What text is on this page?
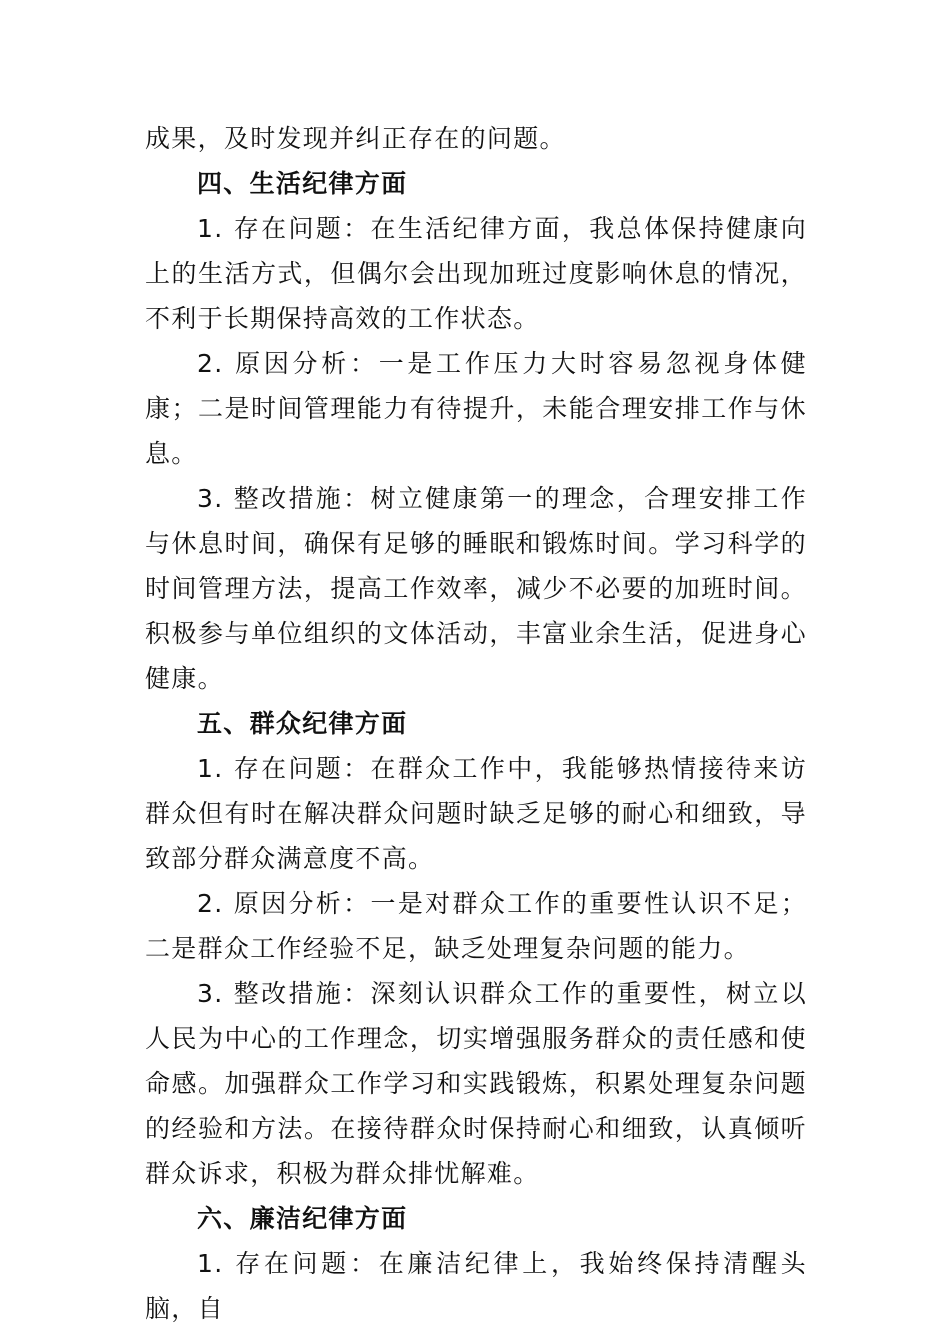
成果，及时发现并纠正存在的问题。

四、生活纪律方面

1. 存在问题：在生活纪律方面，我总体保持健康向上的生活方式，但偶尔会出现加班过度影响休息的情况，不利于长期保持高效的工作状态。

2. 原因分析：一是工作压力大时容易忽视身体健康；二是时间管理能力有待提升，未能合理安排工作与休息。

3. 整改措施：树立健康第一的理念，合理安排工作与休息时间，确保有足够的睡眠和锻炼时间。学习科学的时间管理方法，提高工作效率，减少不必要的加班时间。积极参与单位组织的文体活动，丰富业余生活，促进身心健康。

五、群众纪律方面

1. 存在问题：在群众工作中，我能够热情接待来访群众但有时在解决群众问题时缺乏足够的耐心和细致，导致部分群众满意度不高。

2. 原因分析：一是对群众工作的重要性认识不足；二是群众工作经验不足，缺乏处理复杂问题的能力。

3. 整改措施：深刻认识群众工作的重要性，树立以人民为中心的工作理念，切实增强服务群众的责任感和使命感。加强群众工作学习和实践锻炼，积累处理复杂问题的经验和方法。在接待群众时保持耐心和细致，认真倾听群众诉求，积极为群众排忧解难。

六、廉洁纪律方面

1. 存在问题：在廉洁纪律上，我始终保持清醒头脑，自
